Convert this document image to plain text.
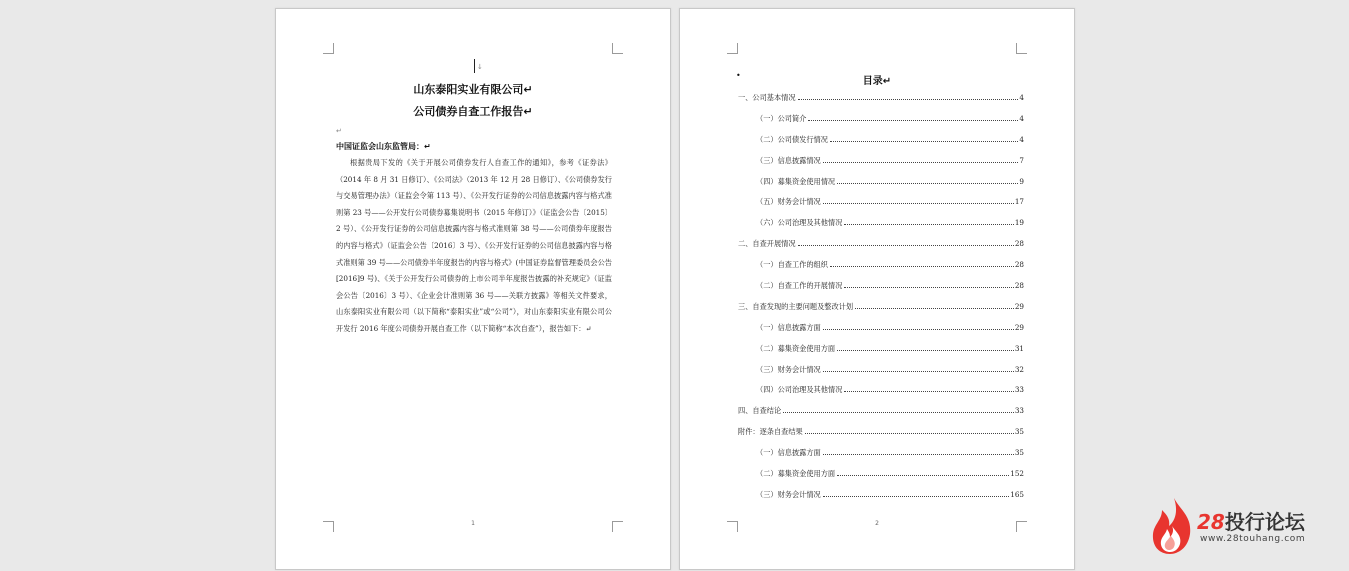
↓
山东泰阳实业有限公司↵
公司债券自查工作报告↵
↵
中国证监会山东监管局：↵
根据贵局下发的《关于开展公司债券发行人自查工作的通知》，参考《证券法》（2014 年 8 月 31 日修订）、《公司法》（2013 年 12 月 28 日修订）、《公司债券发行与交易管理办法》（证监会令第 113 号）、《公开发行证券的公司信息披露内容与格式准则第 23 号——公开发行公司债券募集说明书（2015 年修订）》（证监会公告〔2015〕2 号）、《公开发行证券的公司信息披露内容与格式准则第 38 号——公司债券年度报告的内容与格式》（证监会公告〔2016〕3 号）、《公开发行证券的公司信息披露内容与格式准则第 39 号——公司债券半年度报告的内容与格式》(中国证券监督管理委员会公告[2016]9 号)、《关于公开发行公司债券的上市公司半年度报告披露的补充规定》（证监会公告〔2016〕3 号）、《企业会计准则第 36 号——关联方披露》等相关文件要求，山东泰阳实业有限公司（以下简称“泰阳实业”或“公司”），对山东泰阳实业有限公司公开发行 2016 年度公司债券开展自查工作（以下简称“本次自查”），报告如下：↵
1
•
目录↵
一、公司基本情况	4
（一）公司简介	4
（二）公司债发行情况	4
（三）信息披露情况	7
（四）募集资金使用情况	9
（五）财务会计情况	17
（六）公司治理及其他情况	19
二、自查开展情况	28
（一）自查工作的组织	28
（二）自查工作的开展情况	28
三、自查发现的主要问题及整改计划	29
（一）信息披露方面	29
（二）募集资金使用方面	31
（三）财务会计情况	32
（四）公司治理及其他情况	33
四、自查结论	33
附件：逐条自查结果	35
（一）信息披露方面	35
（二）募集资金使用方面	152
（三）财务会计情况	165
2	28投行论坛
www.28touhang.com
